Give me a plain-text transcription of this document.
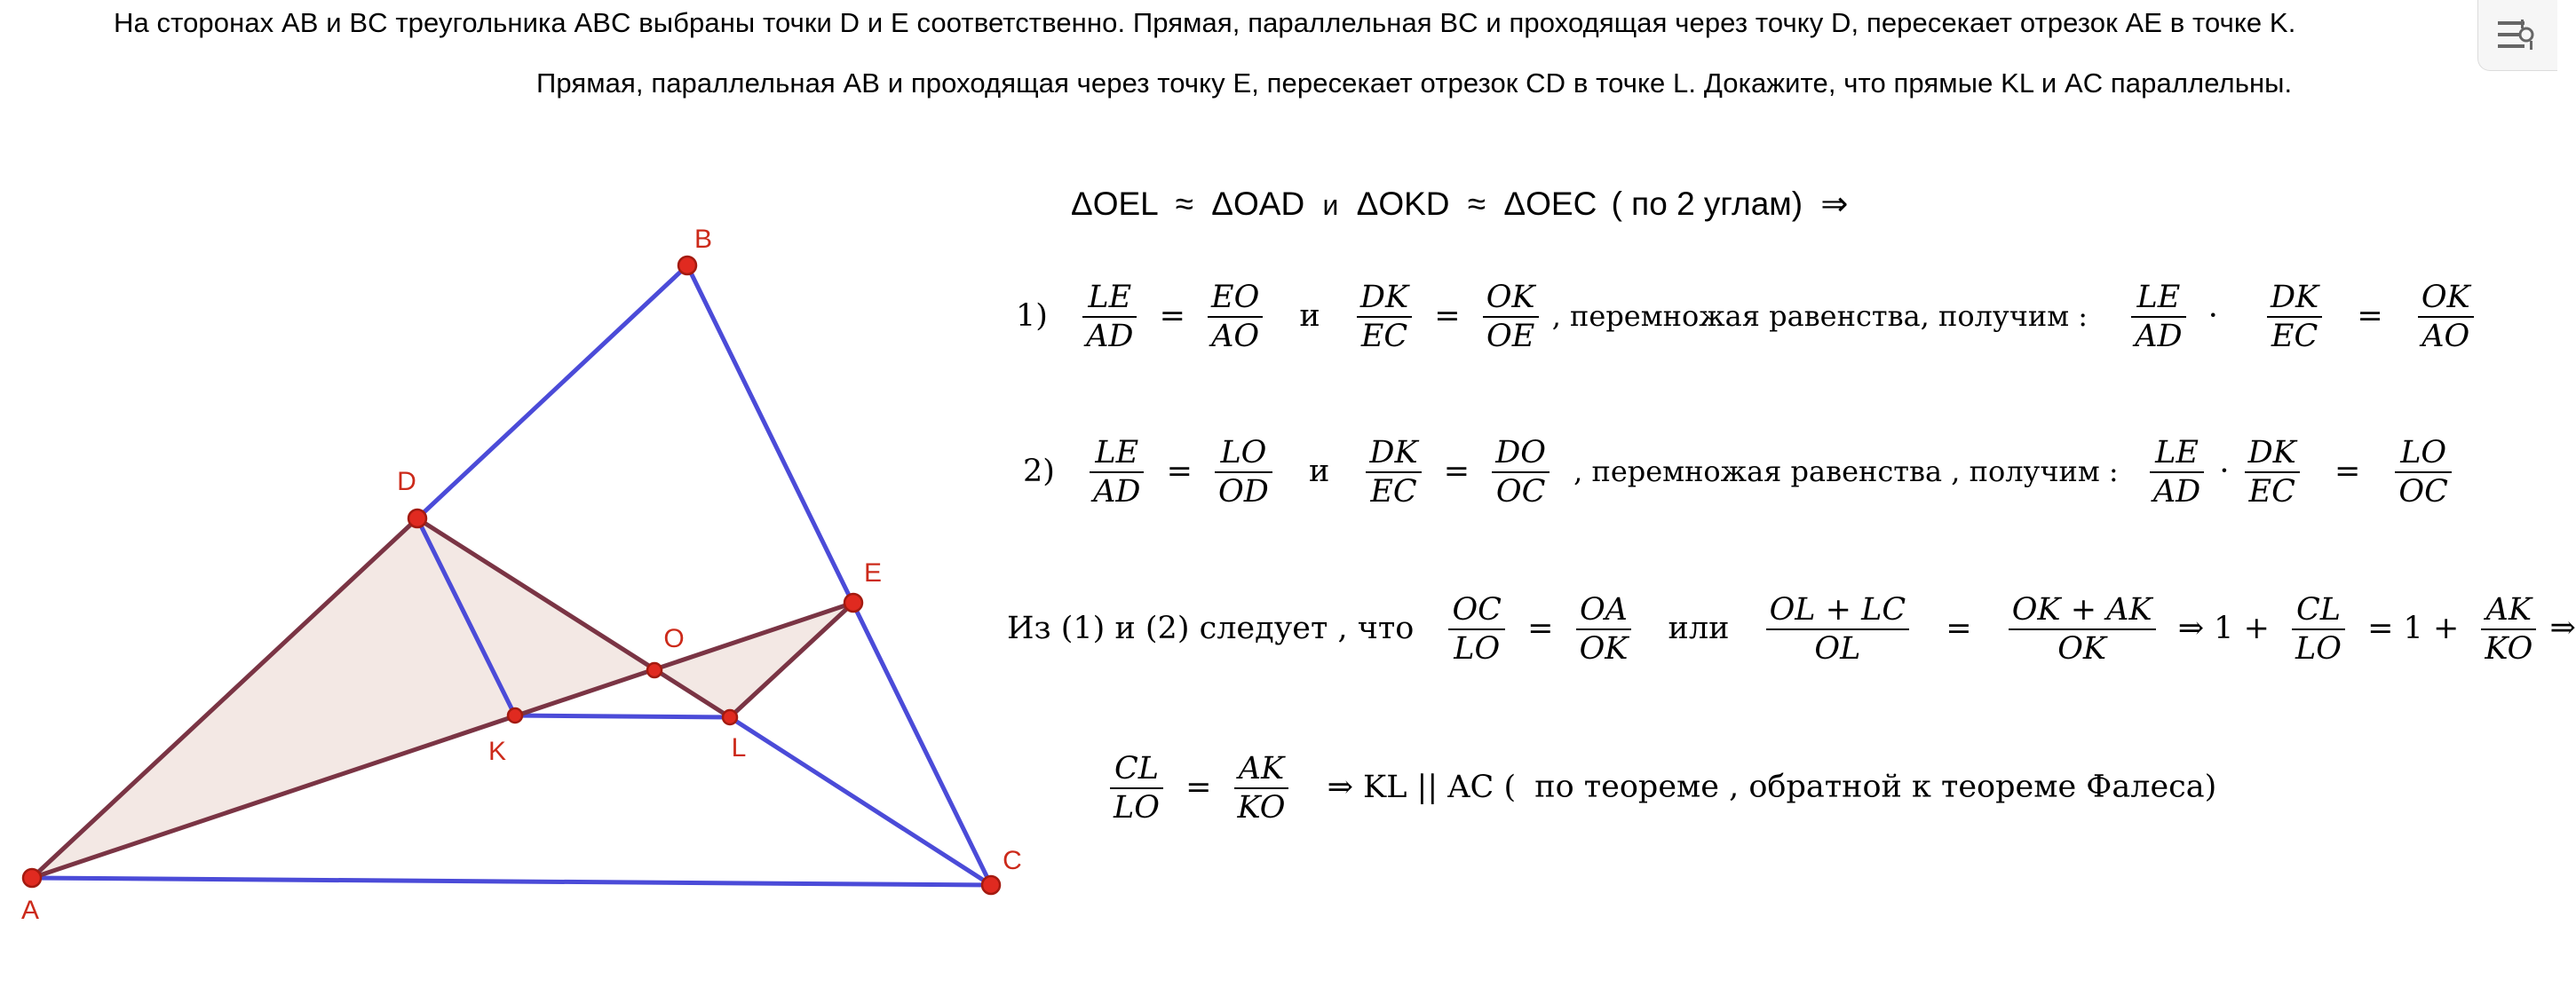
На сторонах AB и BC треугольника ABC выбраны точки D и E соответственно. Прямая, параллельная BC и проходящая через точку D, пересекает отрезок AE в точке K.
Прямая, параллельная AB и проходящая через точку E, пересекает отрезок CD в точке L. Докажите, что прямые KL и AC параллельны.
A
B
C
D
E
O
K	L
ΔOEL ≈ ΔOAD и ΔOKD ≈ ΔOEC ( по 2 углам) ⇒
$1) \frac{LE}{AD} = \frac{EO}{AO}$ и $\frac{DK}{EC} = \frac{OK}{OE}$ , перемножая равенства, получим : $\frac{LE}{AD} \cdot \frac{DK}{EC} = \frac{OK}{AO}$
$2) \frac{LE}{AD} = \frac{LO}{OD}$ и $\frac{DK}{EC} = \frac{DO}{OC}$ , перемножая равенства , получим : $\frac{LE}{AD} \cdot \frac{DK}{EC} = \frac{LO}{OC}$
Из (1) и (2) следует , что $\frac{OC}{LO} = \frac{OA}{OK}$ или $\frac{OL + LC}{OL} = \frac{OK + AK}{OK}$ ⇒ $1 + \frac{CL}{LO} = 1 + \frac{AK}{KO}$ ⇒
$\frac{CL}{LO} = \frac{AK}{KO}$ ⇒ KL || AC ( по теореме , обратной к теореме Фалеса)
